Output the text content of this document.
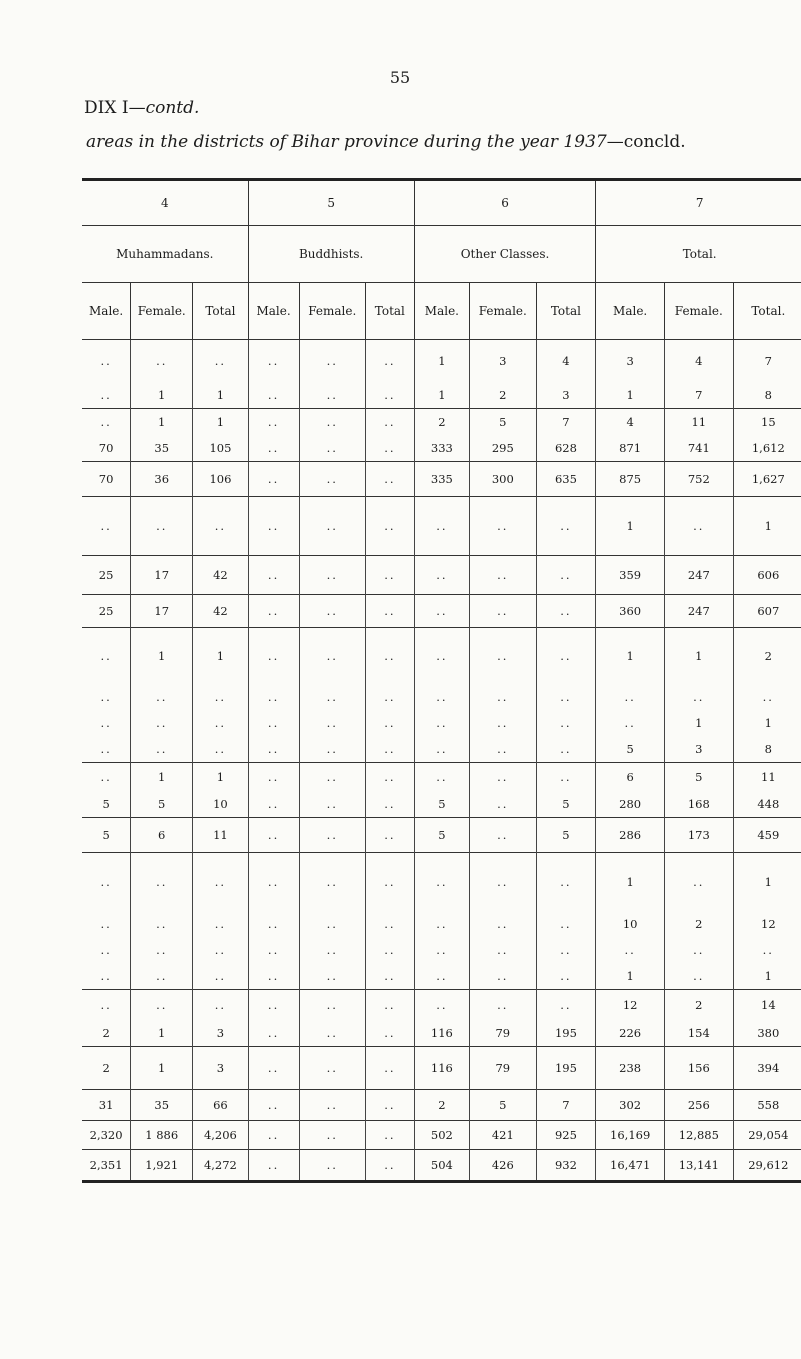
55
DIX I—contd.
areas in the districts of Bihar province during the year 1937—concld.
4			5			6			7		
Muhammadans.			Buddhists.			Other Classes.			Total.		
Male.	Female.	Total	Male.	Female.	Total	Male.	Female.	Total	Male.	Female.	Total.
..	..	..	..	..	..	1	3	4	3	4	7
..	1	1	..	..	..	1	2	3	1	7	8
..	1	1	..	..	..	2	5	7	4	11	15
70	35	105	..	..	..	333	295	628	871	741	1,612
70	36	106	..	..	..	335	300	635	875	752	1,627
..	..	..	..	..	..	..	..	..	1	..	1
25	17	42	..	..	..	..	..	..	359	247	606
25	17	42	..	..	..	..	..	..	360	247	607
..	1	1	..	..	..	..	..	..	1	1	2
..	..	..	..	..	..	..	..	..	..	..	..
..	..	..	..	..	..	..	..	..	..	1	1
..	..	..	..	..	..	..	..	..	5	3	8
..	1	1	..	..	..	..	..	..	6	5	11
5	5	10	..	..	..	5	..	5	280	168	448
5	6	11	..	..	..	5	..	5	286	173	459
..	..	..	..	..	..	..	..	..	1	..	1
..	..	..	..	..	..	..	..	..	10	2	12
..	..	..	..	..	..	..	..	..	..	..	..
..	..	..	..	..	..	..	..	..	1	..	1
..	..	..	..	..	..	..	..	..	12	2	14
2	1	3	..	..	..	116	79	195	226	154	380
2	1	3	..	..	..	116	79	195	238	156	394
31	35	66	..	..	..	2	5	7	302	256	558
2,320	1 886	4,206	..	..	..	502	421	925	16,169	12,885	29,054
2,351	1,921	4,272	..	..	..	504	426	932	16,471	13,141	29,612
